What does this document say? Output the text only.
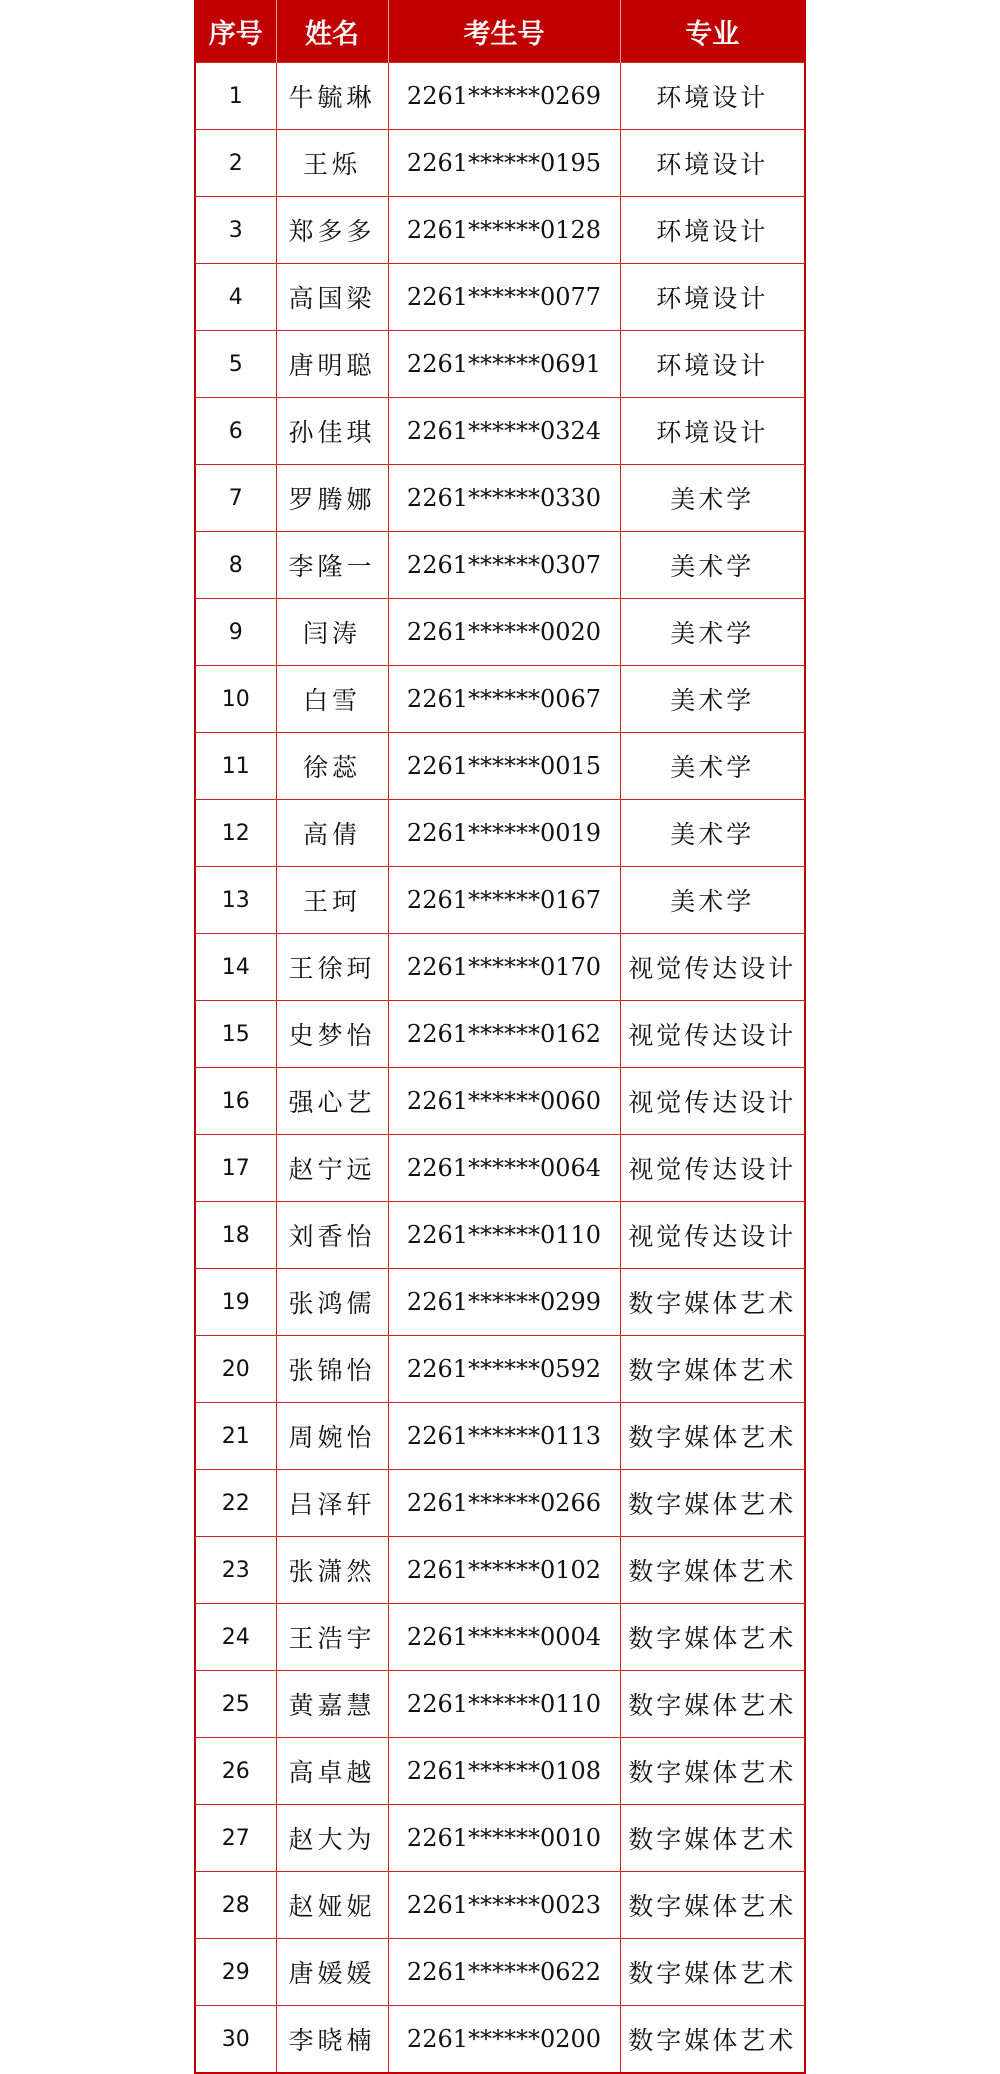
序号	姓名	考生号	专业
1	牛毓琳	2261******0269	环境设计
2	王烁	2261******0195	环境设计
3	郑多多	2261******0128	环境设计
4	高国梁	2261******0077	环境设计
5	唐明聪	2261******0691	环境设计
6	孙佳琪	2261******0324	环境设计
7	罗腾娜	2261******0330	美术学
8	李隆一	2261******0307	美术学
9	闫涛	2261******0020	美术学
10	白雪	2261******0067	美术学
11	徐蕊	2261******0015	美术学
12	高倩	2261******0019	美术学
13	王珂	2261******0167	美术学
14	王徐珂	2261******0170	视觉传达设计
15	史梦怡	2261******0162	视觉传达设计
16	强心艺	2261******0060	视觉传达设计
17	赵宁远	2261******0064	视觉传达设计
18	刘香怡	2261******0110	视觉传达设计
19	张鸿儒	2261******0299	数字媒体艺术
20	张锦怡	2261******0592	数字媒体艺术
21	周婉怡	2261******0113	数字媒体艺术
22	吕泽轩	2261******0266	数字媒体艺术
23	张潇然	2261******0102	数字媒体艺术
24	王浩宇	2261******0004	数字媒体艺术
25	黄嘉慧	2261******0110	数字媒体艺术
26	高卓越	2261******0108	数字媒体艺术
27	赵大为	2261******0010	数字媒体艺术
28	赵娅妮	2261******0023	数字媒体艺术
29	唐媛媛	2261******0622	数字媒体艺术
30	李晓楠	2261******0200	数字媒体艺术
